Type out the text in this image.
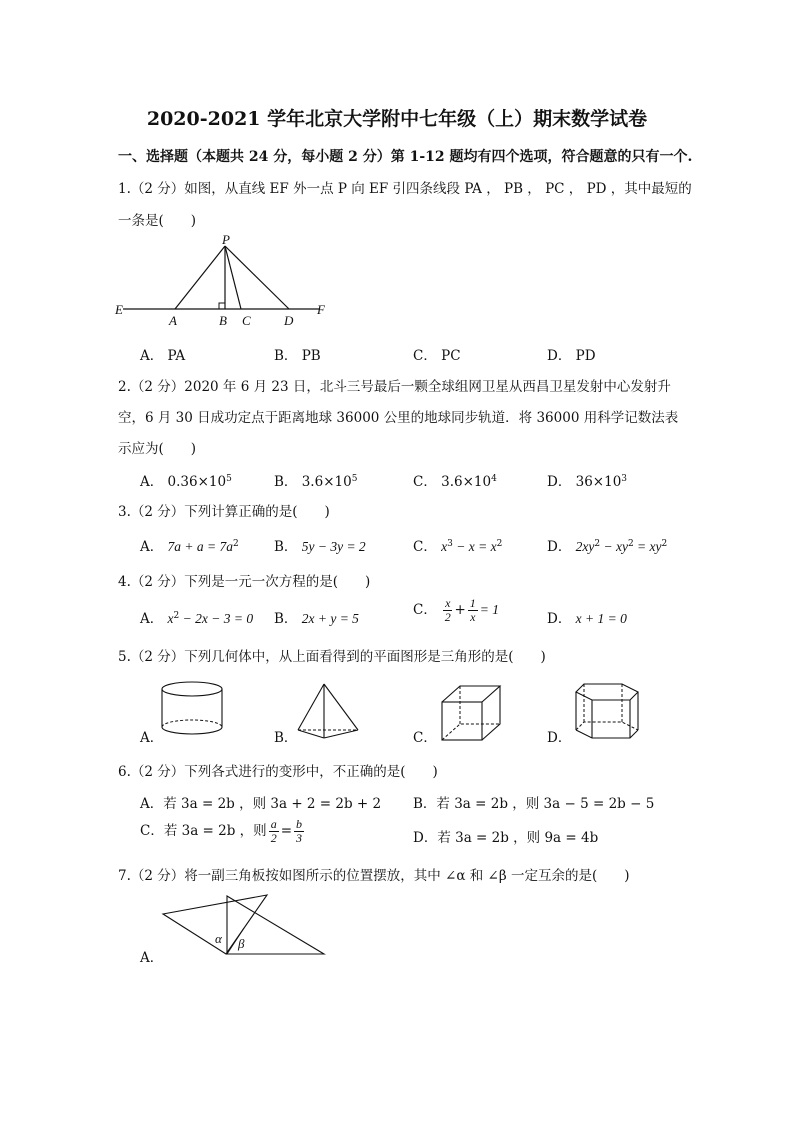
2020-2021 学年北京大学附中七年级（上）期末数学试卷
一、选择题（本题共 24 分，每小题 2 分）第 1-12 题均有四个选项，符合题意的只有一个.
1.（2 分）如图，从直线 EF 外一点 P 向 EF 引四条线段 PA ， PB ， PC ， PD ，其中最短的
一条是(　　)
P
E
A	B C	D
F
A． PA	B． PB	C． PC	D． PD
2.（2 分）2020 年 6 月 23 日，北斗三号最后一颗全球组网卫星从西昌卫星发射中心发射升
空，6 月 30 日成功定点于距离地球 36000 公里的地球同步轨道．将 36000 用科学记数法表
示应为(　　)
A． $0.36\times 10^5$	B． $3.6\times 10^5$	C． $3.6\times 10^4$	D． $36\times 10^3$
3.（2 分）下列计算正确的是(　　)
A． $7a + a = 7a^2$	B． 5y − 3y = 2	C． $x^3 - x = x^2$	D． $2xy^2 - xy^2 = xy^2$
4.（2 分）下列是一元一次方程的是(　　)
A． $x^2 - 2x - 3 = 0$ B． 2x + y = 5
C． $\frac{x}{2} + \frac{1}{x} = 1$
D． x + 1 = 0
5.（2 分）下列几何体中，从上面看得到的平面图形是三角形的是(　　)
A．	B．	C．	D．
6.（2 分）下列各式进行的变形中，不正确的是(　　)
A．若 3a = 2b ，则 3a + 2 = 2b + 2 B．若 3a = 2b ，则 3a − 5 = 2b − 5
C．若 3a = 2b ，则 $\frac{a}{2} = \frac{b}{3}$	D．若 3a = 2b ，则 9a = 4b
7.（2 分）将一副三角板按如图所示的位置摆放，其中 ∠α 和 ∠β 一定互余的是(　　)
α β
A．
